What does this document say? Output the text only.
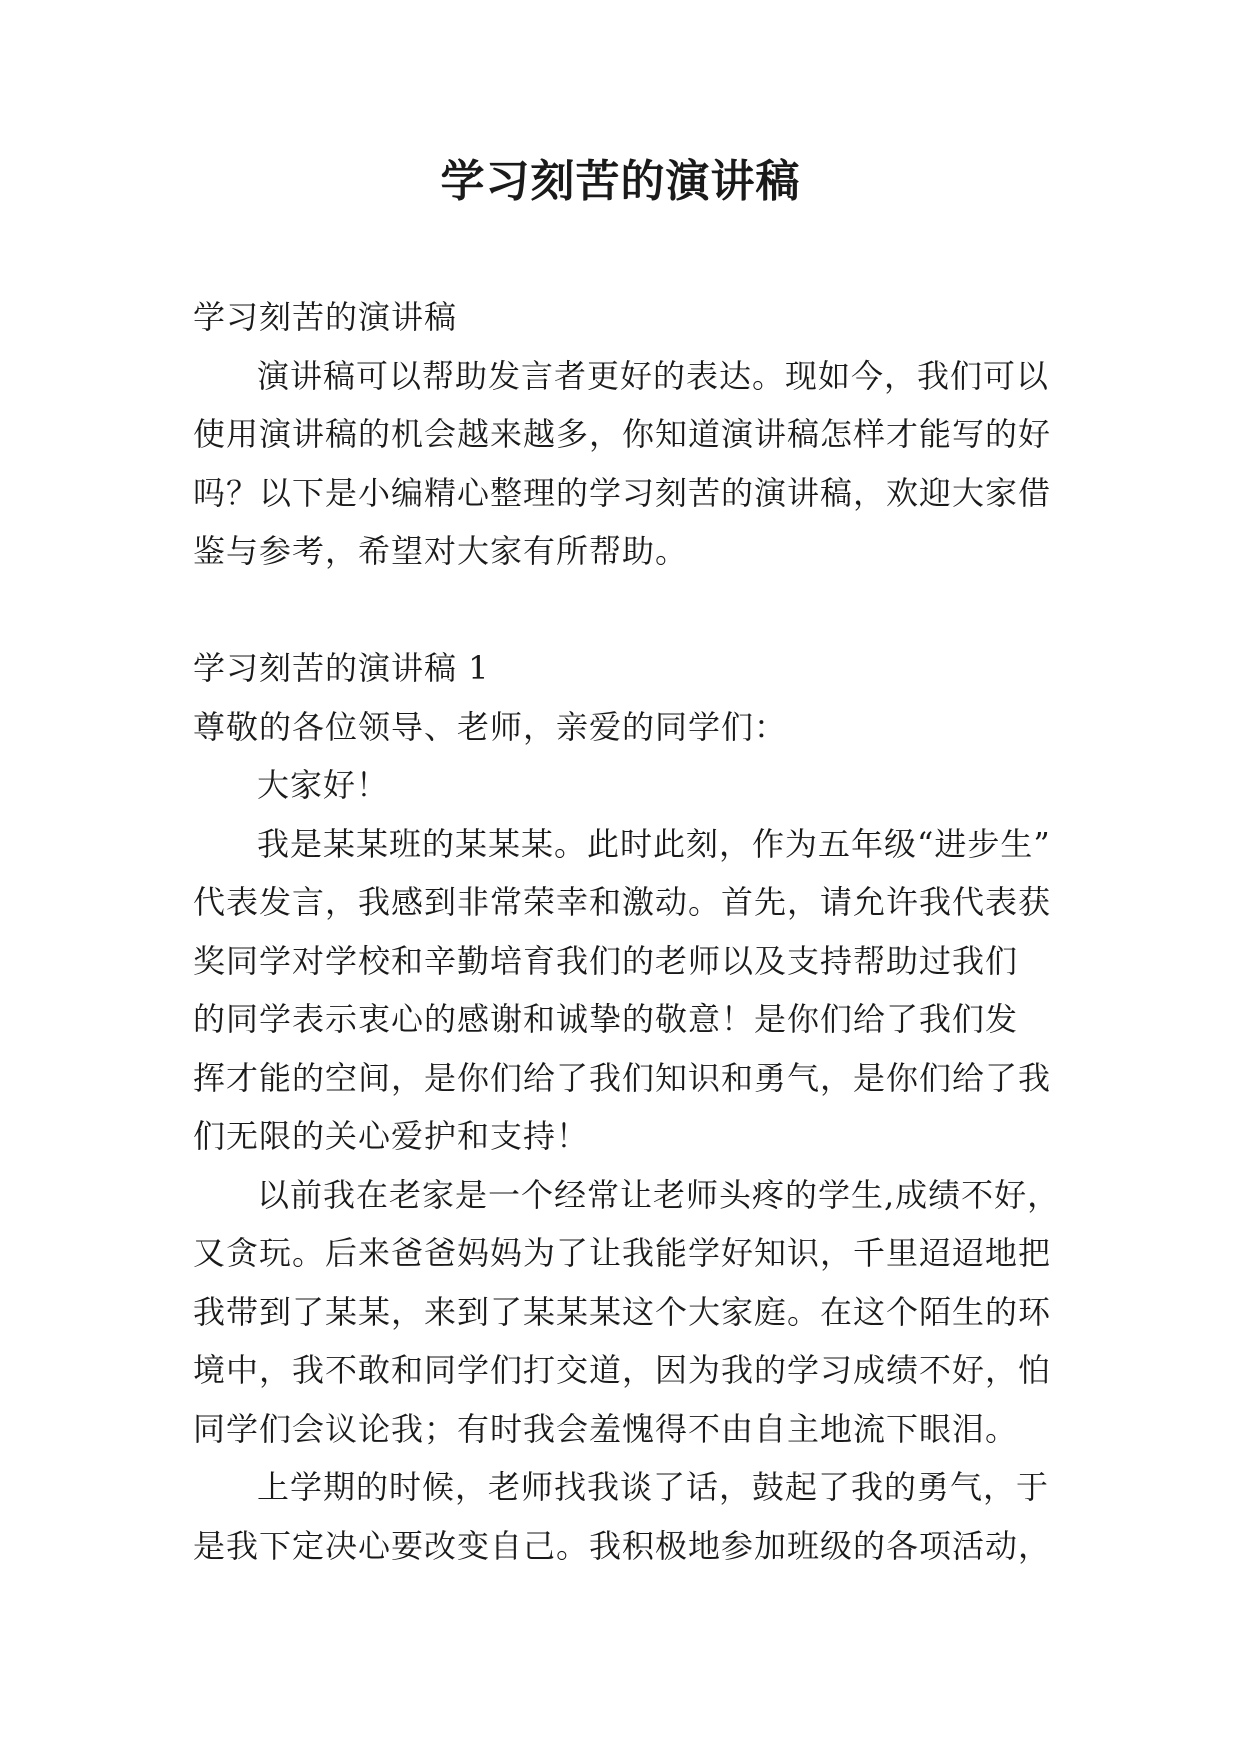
学习刻苦的演讲稿

学习刻苦的演讲稿

演讲稿可以帮助发言者更好的表达。现如今，我们可以
使用演讲稿的机会越来越多，你知道演讲稿怎样才能写的好
吗？以下是小编精心整理的学习刻苦的演讲稿，欢迎大家借
鉴与参考，希望对大家有所帮助。

学习刻苦的演讲稿 1

尊敬的各位领导、老师，亲爱的同学们：

大家好！

我是某某班的某某某。此时此刻，作为五年级“进步生”
代表发言，我感到非常荣幸和激动。首先，请允许我代表获
奖同学对学校和辛勤培育我们的老师以及支持帮助过我们
的同学表示衷心的感谢和诚挚的敬意！是你们给了我们发
挥才能的空间，是你们给了我们知识和勇气，是你们给了我
们无限的关心爱护和支持！

以前我在老家是一个经常让老师头疼的学生,成绩不好，
又贪玩。后来爸爸妈妈为了让我能学好知识，千里迢迢地把
我带到了某某，来到了某某某这个大家庭。在这个陌生的环
境中，我不敢和同学们打交道，因为我的学习成绩不好，怕
同学们会议论我；有时我会羞愧得不由自主地流下眼泪。

上学期的时候，老师找我谈了话，鼓起了我的勇气，于
是我下定决心要改变自己。我积极地参加班级的各项活动，
